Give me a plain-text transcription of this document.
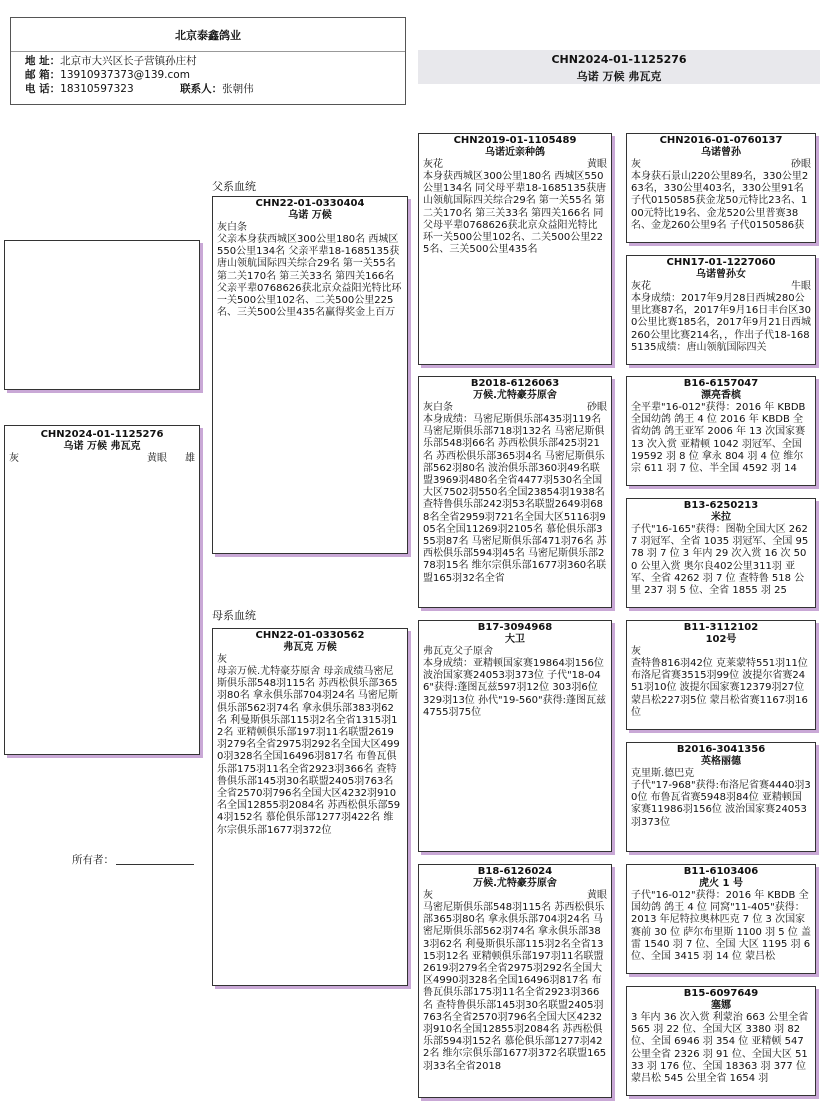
北京泰鑫鸽业
地 址：北京市大兴区长子营镇孙庄村
邮 箱：13910937373@139.com
电 话：18310597323	联系人：张朝伟
CHN2024-01-1125276
乌诺 万候 弗瓦克
父系血统
母系血统
所有者：
CHN2024-01-1125276
乌诺 万候 弗瓦克
灰	黄眼 雄
CHN22-01-0330404
乌诺 万候
灰白条
父亲本身获西城区300公里180名 西城区550公里134名 父亲平辈18-1685135获唐山领航国际四关综合29名 第一关55名 第二关170名 第三关33名 第四关166名 父亲平辈0768626获北京众益阳光特比环一关500公里102名、二关500公里225名、三关500公里435名赢得奖金上百万
CHN22-01-0330562
弗瓦克 万候
灰
母亲万候.尤特豪芬原舍 母亲成绩马密尼斯俱乐部548羽115名 苏西松俱乐部365羽80名 拿永俱乐部704羽24名 马密尼斯俱乐部562羽74名 拿永俱乐部383羽62名 利曼斯俱乐部115羽2名全省1315羽12名 亚精顿俱乐部197羽11名联盟2619羽279名全省2975羽292名全国大区4990羽328名全国16496羽817名 布鲁瓦俱乐部175羽11名全省2923羽366名 查特鲁俱乐部145羽30名联盟2405羽763名全省2570羽796名全国大区4232羽910名全国12855羽2084名 苏西松俱乐部594羽152名 慕伦俱乐部1277羽422名 维尔宗俱乐部1677羽372位
CHN2019-01-1105489
乌诺近亲种鸽
灰花	黄眼
本身获西城区300公里180名 西城区550公里134名 同父母平辈18-1685135获唐山领航国际四关综合29名 第一关55名 第二关170名 第三关33名 第四关166名 同父母平辈0768626获北京众益阳光特比环一关500公里102名、二关500公里225名、三关500公里435名
B2018-6126063
万候.尤特豪芬原舍
灰白条	砂眼
本身成绩：马密尼斯俱乐部435羽119名 马密尼斯俱乐部718羽132名 马密尼斯俱乐部548羽66名 苏西松俱乐部425羽21名 苏西松俱乐部365羽4名 马密尼斯俱乐部562羽80名 波治俱乐部360羽49名联盟3969羽480名全省4477羽530名全国大区7502羽550名全国23854羽1938名 查特鲁俱乐部242羽53名联盟2649羽688名全省2959羽721名全国大区5116羽905名全国11269羽2105名 慕伦俱乐部355羽87名 马密尼斯俱乐部471羽76名 苏西松俱乐部594羽45名 马密尼斯俱乐部278羽15名 维尔宗俱乐部1677羽360名联盟165羽32名全省
B17-3094968
大卫
弗瓦克父子原舍
本身成绩：亚精顿国家赛19864羽156位 波治国家赛24053羽373位 子代"18-046"获得:蓬图瓦兹597羽12位 303羽6位 329羽13位 孙代"19-560"获得:蓬图瓦兹4755羽75位
B18-6126024
万候.尤特豪芬原舍
灰	黄眼
马密尼斯俱乐部548羽115名 苏西松俱乐部365羽80名 拿永俱乐部704羽24名 马密尼斯俱乐部562羽74名 拿永俱乐部383羽62名 利曼斯俱乐部115羽2名全省1315羽12名 亚精顿俱乐部197羽11名联盟2619羽279名全省2975羽292名全国大区4990羽328名全国16496羽817名 布鲁瓦俱乐部175羽11名全省2923羽366名 查特鲁俱乐部145羽30名联盟2405羽763名全省2570羽796名全国大区4232羽910名全国12855羽2084名 苏西松俱乐部594羽152名 慕伦俱乐部1277羽422名 维尔宗俱乐部1677羽372名联盟165羽33名全省2018
CHN2016-01-0760137
乌诺曾孙
灰	砂眼
本身获石景山220公里89名，330公里263名，330公里403名，330公里91名 子代0150585获金龙50元特比23名、100元特比19名、金龙520公里普赛38名、金龙260公里9名 子代0150586获
CHN17-01-1227060
乌诺曾孙女
灰花	牛眼
本身成绩：2017年9月28日西城280公里比赛87名，2017年9月16日丰台区300公里比赛185名，2017年9月21日西城260公里比赛214名，，作出子代18-1685135成绩：唐山领航国际四关
B16-6157047
漂亮香槟
全平辈"16-012"获得：2016 年 KBDB 全国幼鸽 鸽王 4 位 2016 年 KBDB 全省幼鸽 鸽王亚军 2006 年 13 次国家赛 13 次入赏 亚精顿 1042 羽冠军、全国 19592 羽 8 位 拿永 804 羽 4 位 维尔宗 611 羽 7 位、半全国 4592 羽 14
B13-6250213
米拉
子代"16-165"获得：图勒全国大区 2627 羽冠军、全省 1035 羽冠军、全国 9578 羽 7 位 3 年内 29 次入赏 16 次 500 公里入赏 奥尔良402公里311羽 亚军、全省 4262 羽 7 位 查特鲁 518 公里 237 羽 5 位、全省 1855 羽 25
B11-3112102
102号
灰
查特鲁816羽42位 克莱蒙特551羽11位 布洛尼省赛3515羽99位 波提尔省赛2451羽10位 波提尔国家赛12379羽27位 蒙吕松227羽5位 蒙吕松省赛1167羽16位
B2016-3041356
英格丽德
克里斯.德巴克
子代"17-968"获得:布洛尼省赛4440羽30位 布鲁瓦省赛5948羽84位 亚精顿国家赛11986羽156位 波治国家赛24053羽373位
B11-6103406
虎火 1 号
子代"16-012"获得：2016 年 KBDB 全国幼鸽 鸽王 4 位 同窝"11-405"获得：2013 年尼特拉奥林匹克 7 位 3 次国家赛前 30 位 萨尔布里斯 1100 羽 5 位 盖雷 1540 羽 7 位、全国 大区 1195 羽 6 位、全国 3415 羽 14 位 蒙吕松
B15-6097649
塞娜
3 年内 36 次入赏 利蒙治 663 公里全省 565 羽 22 位、全国大区 3380 羽 82 位、全国 6946 羽 354 位 亚精顿 547 公里全省 2326 羽 91 位、全国大区 5133 羽 176 位、全国 18363 羽 377 位 蒙吕松 545 公里全省 1654 羽
